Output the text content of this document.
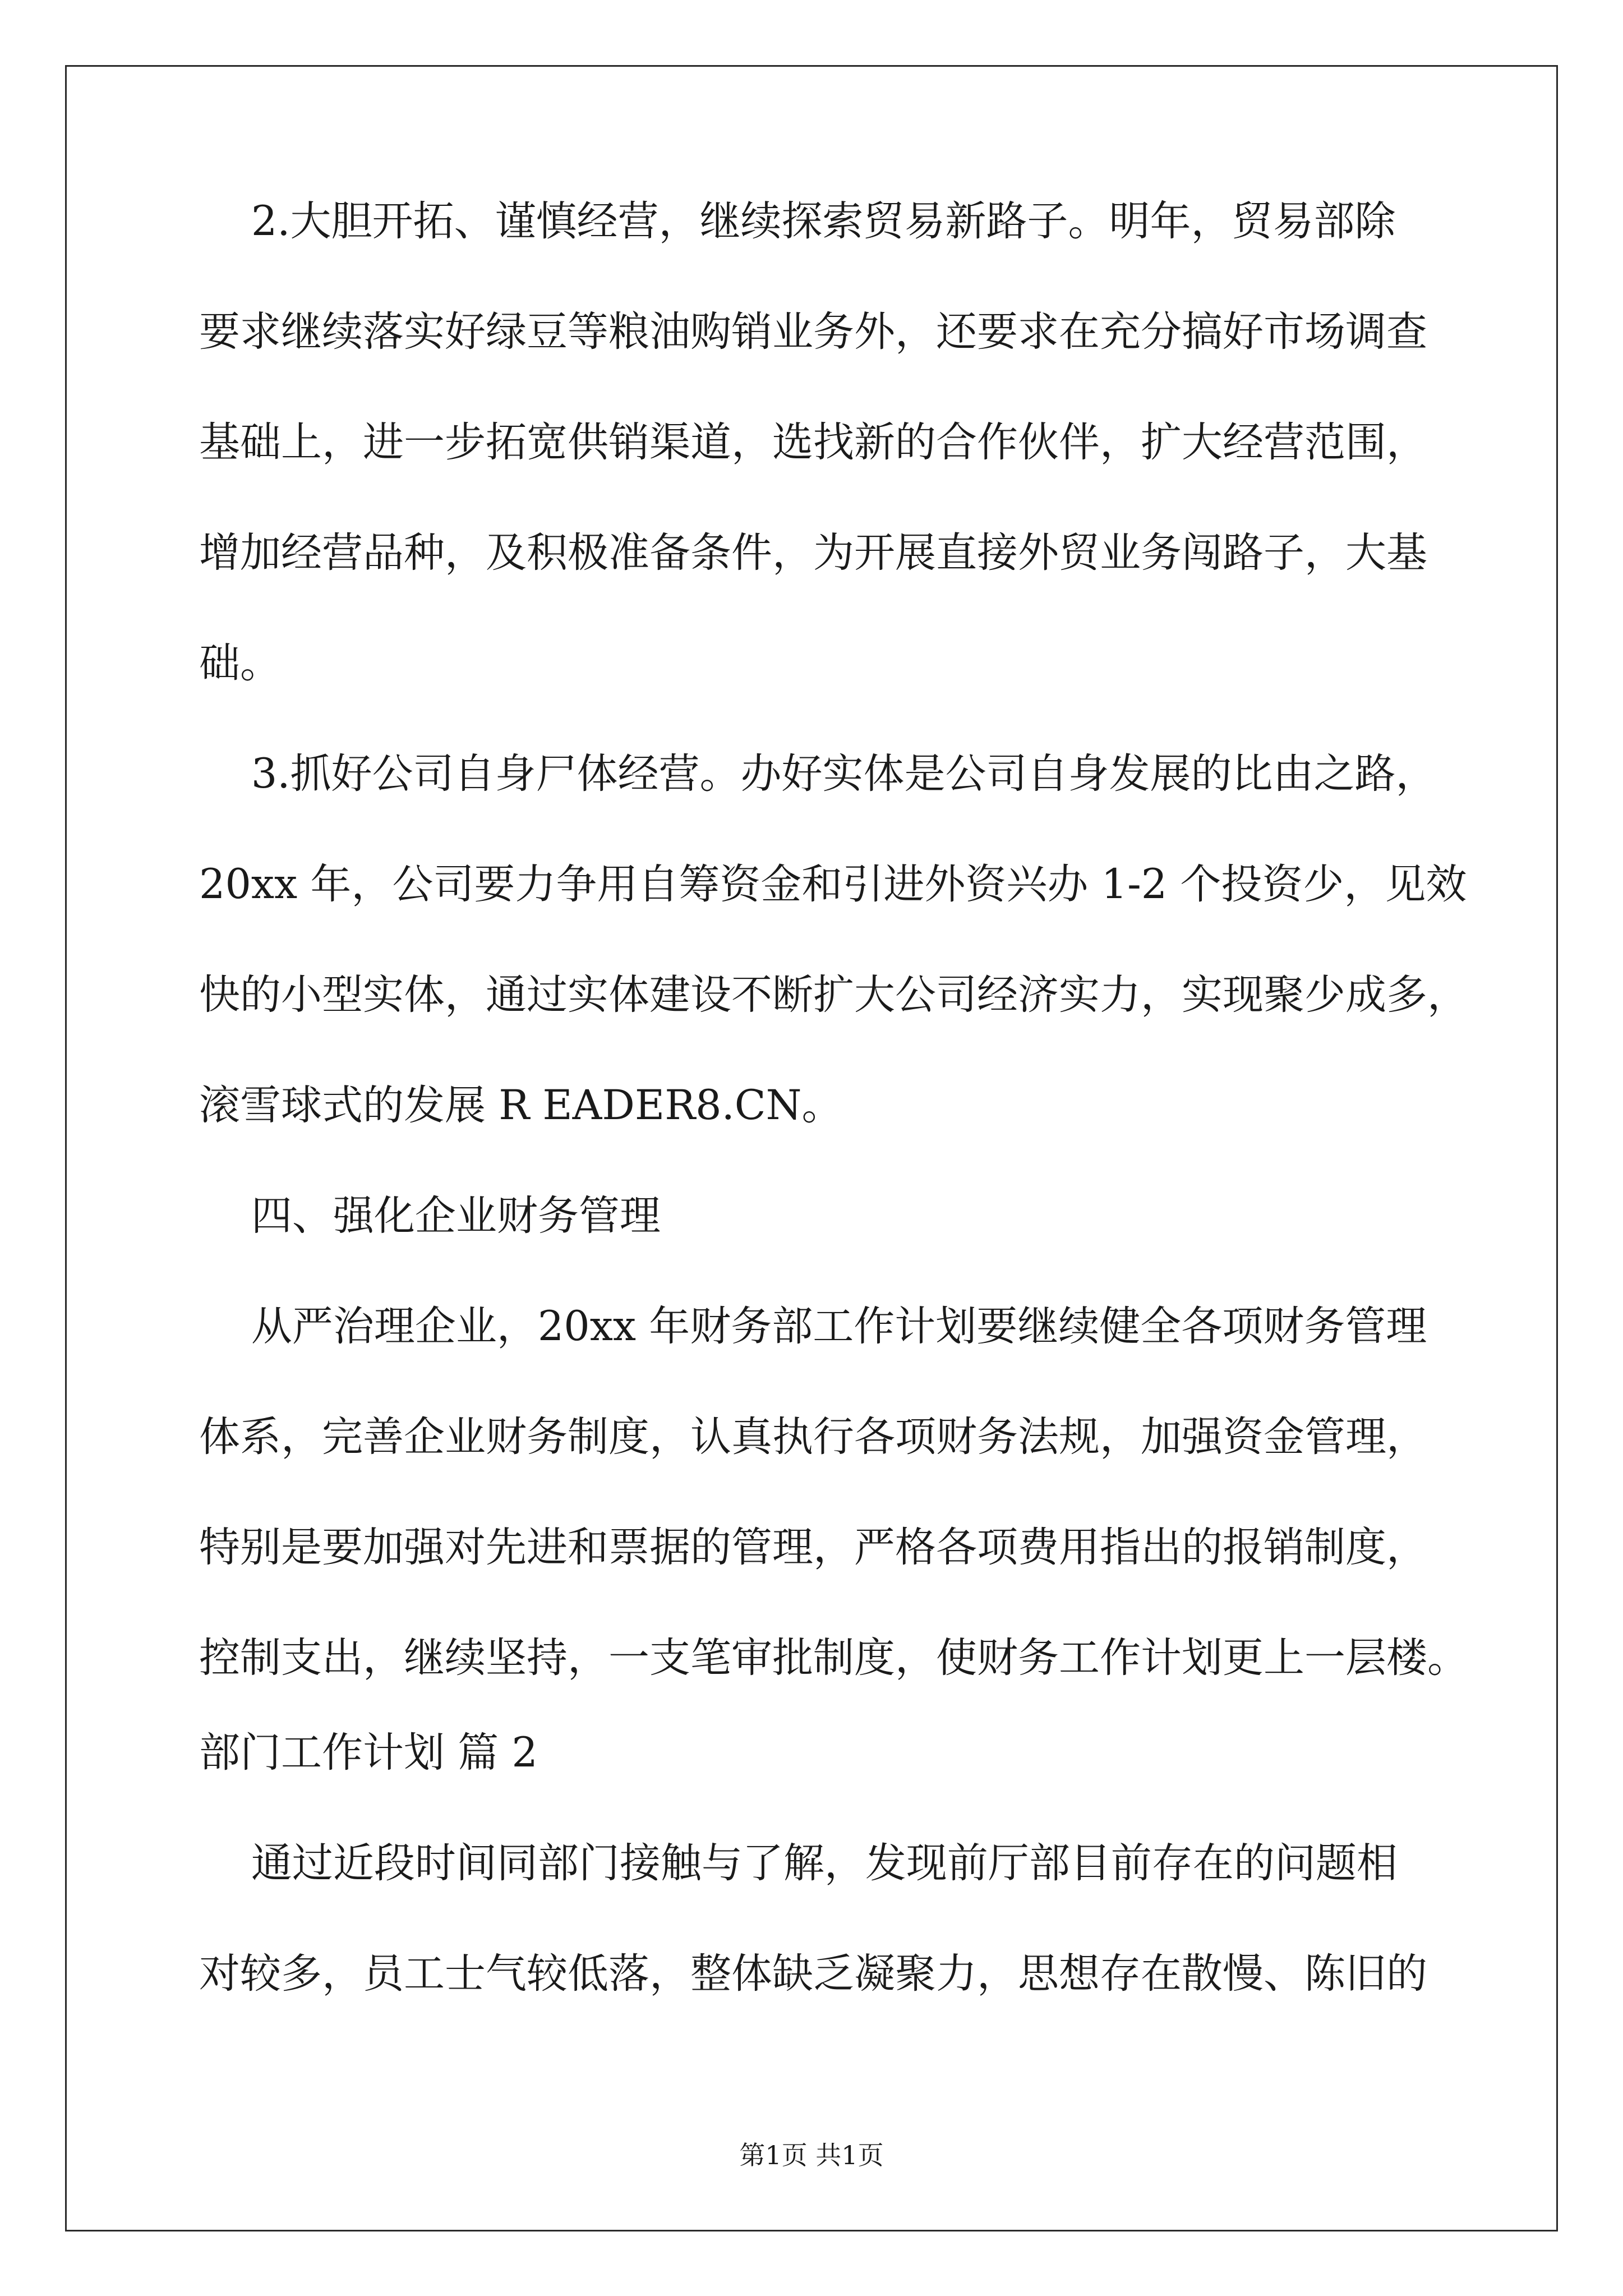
2.大胆开拓、谨慎经营，继续探索贸易新路子。明年，贸易部除
要求继续落实好绿豆等粮油购销业务外，还要求在充分搞好市场调查
基础上，进一步拓宽供销渠道，选找新的合作伙伴，扩大经营范围，
增加经营品种，及积极准备条件，为开展直接外贸业务闯路子，大基
础。
3.抓好公司自身尸体经营。办好实体是公司自身发展的比由之路，
20xx 年，公司要力争用自筹资金和引进外资兴办 1-2 个投资少，见效
快的小型实体，通过实体建设不断扩大公司经济实力，实现聚少成多，
滚雪球式的发展 R EADER8.CN。
四、强化企业财务管理
从严治理企业，20xx 年财务部工作计划要继续健全各项财务管理
体系，完善企业财务制度，认真执行各项财务法规，加强资金管理，
特别是要加强对先进和票据的管理，严格各项费用指出的报销制度，
控制支出，继续坚持，一支笔审批制度，使财务工作计划更上一层楼。
部门工作计划 篇 2
通过近段时间同部门接触与了解，发现前厅部目前存在的问题相
对较多，员工士气较低落，整体缺乏凝聚力，思想存在散慢、陈旧的
第1页 共1页
